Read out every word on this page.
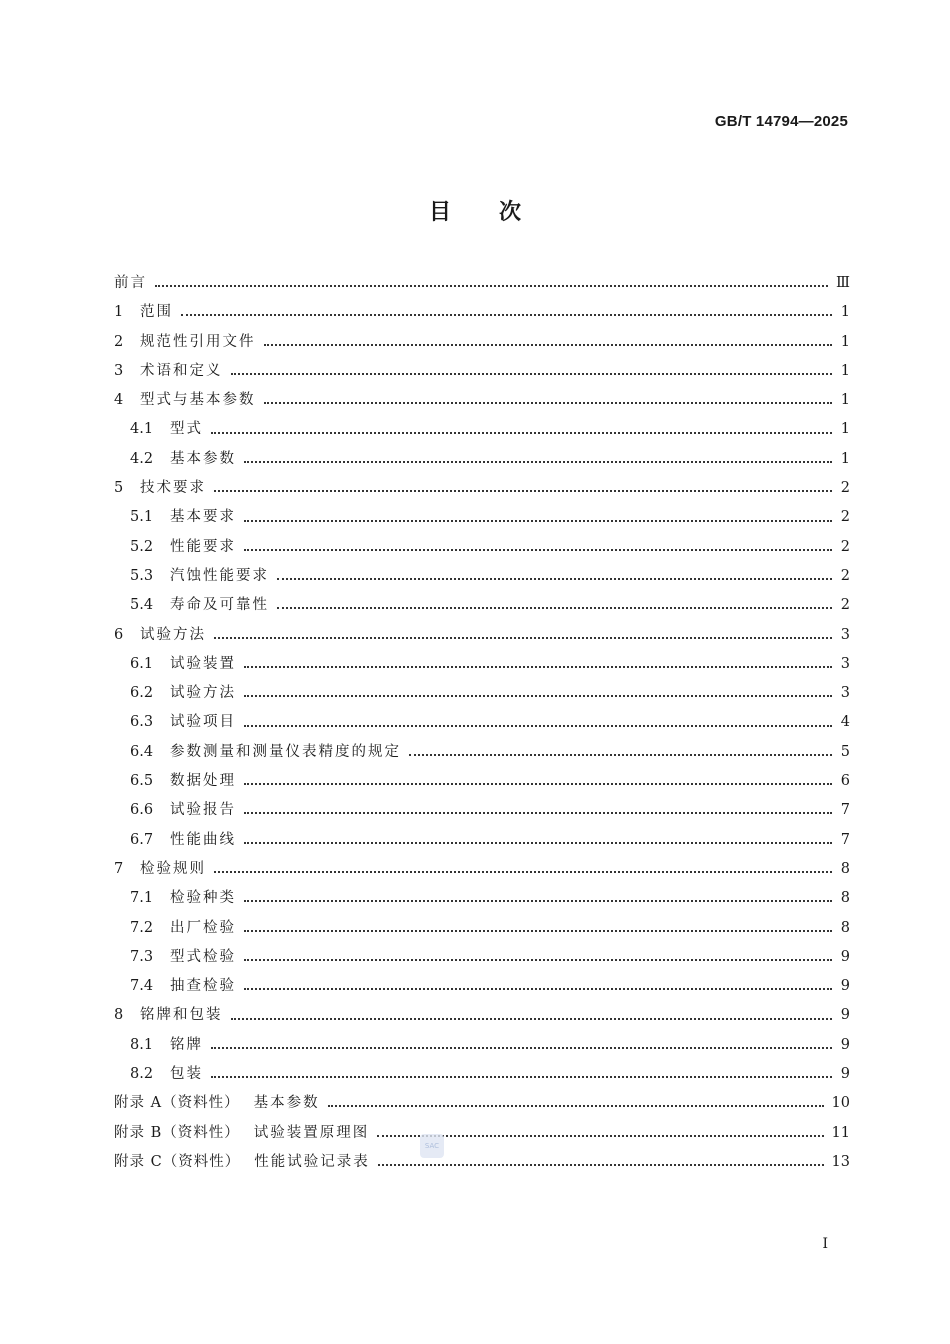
GB/T 14794—2025
目次
前言	Ⅲ
1	范围	1
2	规范性引用文件	1
3	术语和定义	1
4	型式与基本参数	1
4.1	型式	1
4.2	基本参数	1
5	技术要求	2
5.1	基本要求	2
5.2	性能要求	2
5.3	汽蚀性能要求	2
5.4	寿命及可靠性	2
6	试验方法	3
6.1	试验装置	3
6.2	试验方法	3
6.3	试验项目	4
6.4	参数测量和测量仪表精度的规定	5
6.5	数据处理	6
6.6	试验报告	7
6.7	性能曲线	7
7	检验规则	8
7.1	检验种类	8
7.2	出厂检验	8
7.3	型式检验	9
7.4	抽查检验	9
8	铭牌和包装	9
8.1	铭牌	9
8.2	包装	9
附录 A（资料性） 基本参数	10
附录 B（资料性） 试验装置原理图	11
附录 C（资料性） 性能试验记录表	13
SAC
I
